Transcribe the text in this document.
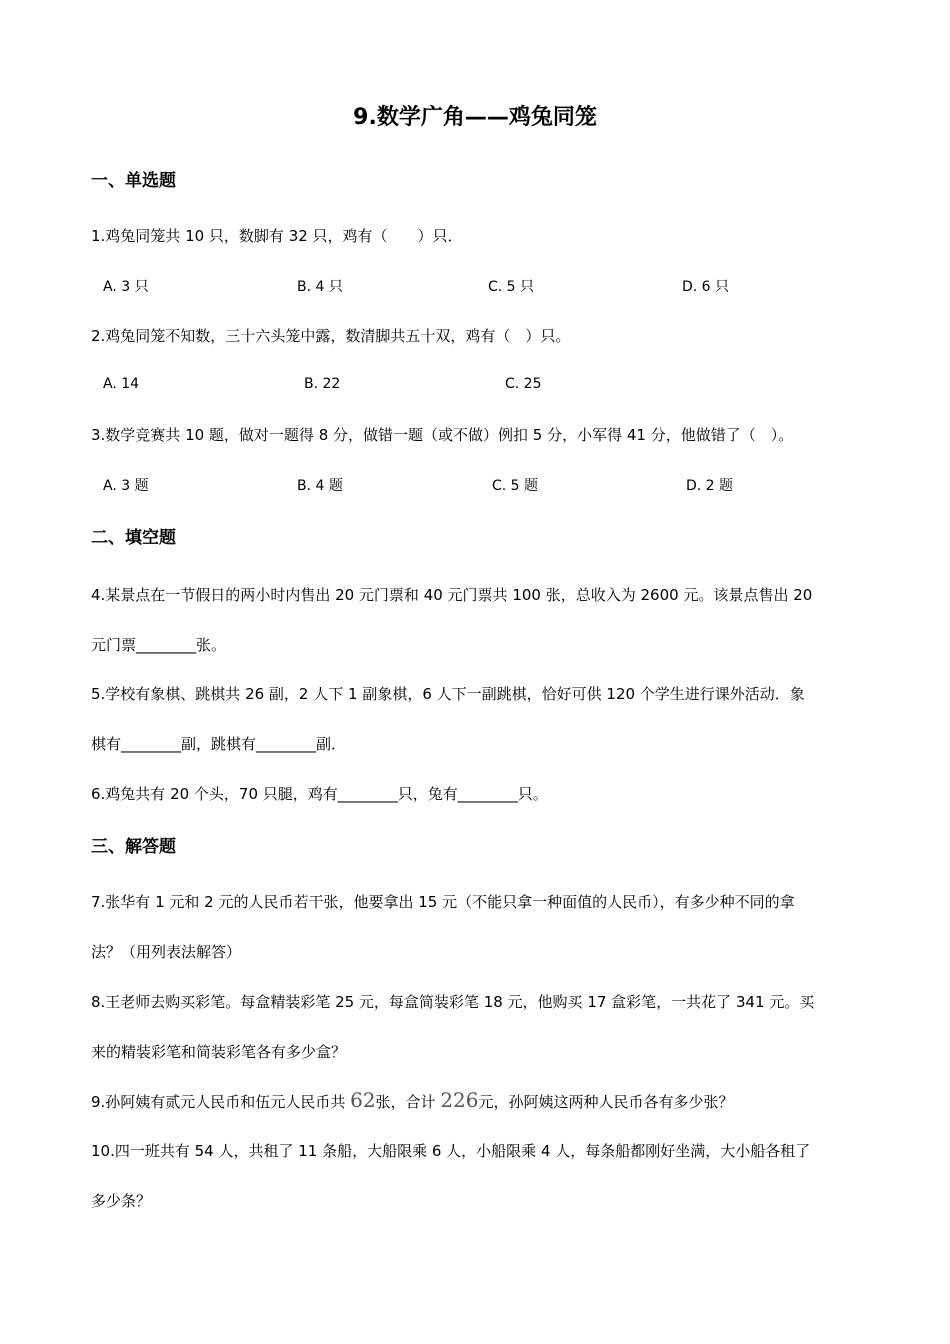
9.数学广角——鸡兔同笼
一、单选题
1.鸡兔同笼共 10 只，数脚有 32 只，鸡有（　　）只．
A. 3 只	B. 4 只	C. 5 只	D. 6 只
2.鸡兔同笼不知数，三十六头笼中露，数清脚共五十双，鸡有（　）只。
A. 14	B. 22	C. 25
3.数学竞赛共 10 题，做对一题得 8 分，做错一题（或不做）例扣 5 分，小军得 41 分，他做错了（　）。
A. 3 题	B. 4 题	C. 5 题	D. 2 题
二、填空题
4.某景点在一节假日的两小时内售出 20 元门票和 40 元门票共 100 张，总收入为 2600 元。该景点售出 20
元门票________张。
5.学校有象棋、跳棋共 26 副，2 人下 1 副象棋，6 人下一副跳棋，恰好可供 120 个学生进行课外活动．象
棋有________副，跳棋有________副．
6.鸡兔共有 20 个头，70 只腿，鸡有________只，兔有________只。
三、解答题
7.张华有 1 元和 2 元的人民币若干张，他要拿出 15 元（不能只拿一种面值的人民币），有多少种不同的拿
法？（用列表法解答）
8.王老师去购买彩笔。每盒精装彩笔 25 元，每盒简装彩笔 18 元，他购买 17 盒彩笔，一共花了 341 元。买
来的精装彩笔和简装彩笔各有多少盒？
9.孙阿姨有贰元人民币和伍元人民币共 62张，合计 226元，孙阿姨这两种人民币各有多少张？
10.四一班共有 54 人，共租了 11 条船，大船限乘 6 人，小船限乘 4 人，每条船都刚好坐满，大小船各租了
多少条？
